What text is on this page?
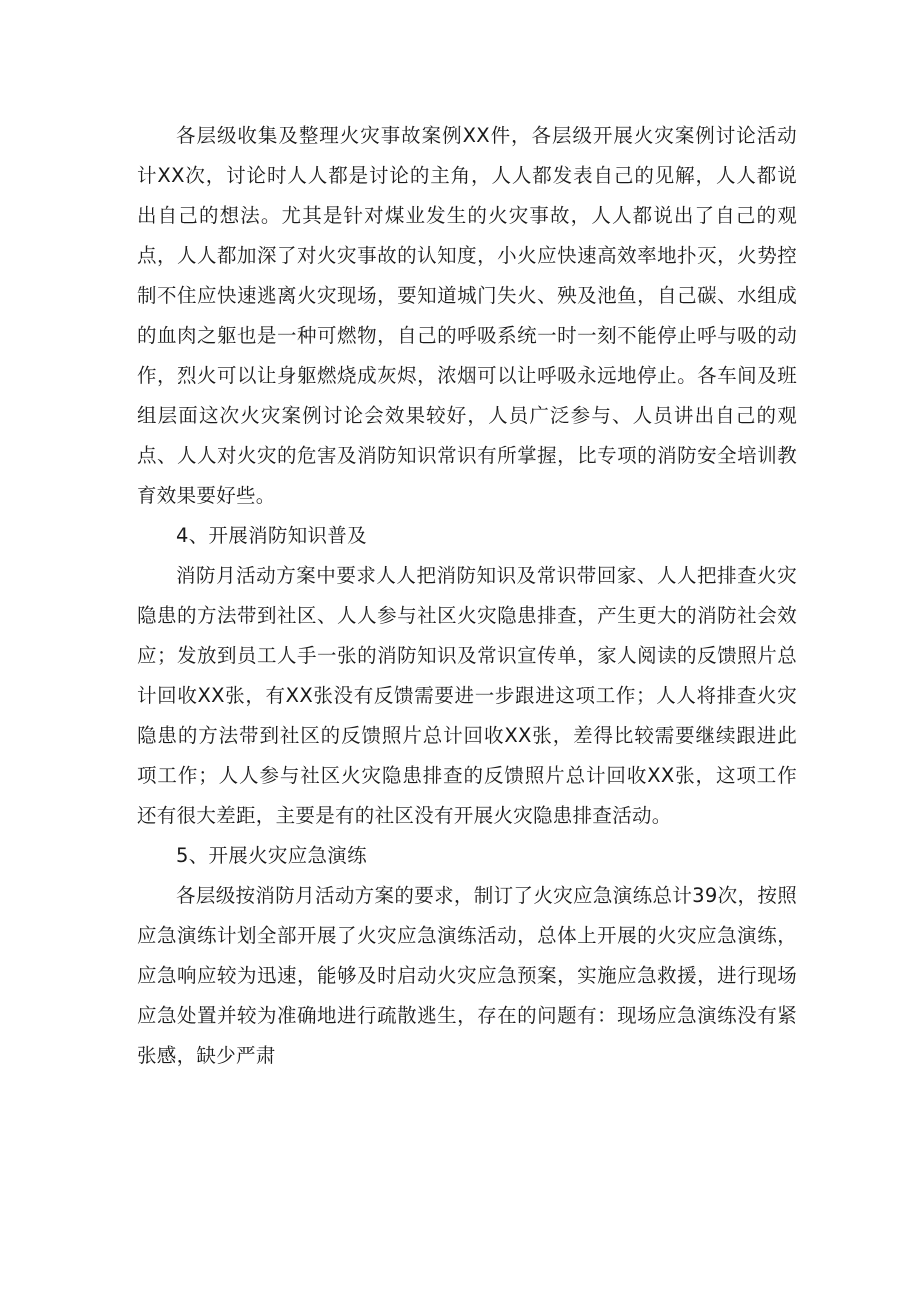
各层级收集及整理火灾事故案例XX件，各层级开展火灾案例讨论活动计XX次，讨论时人人都是讨论的主角，人人都发表自己的见解，人人都说出自己的想法。尤其是针对煤业发生的火灾事故，人人都说出了自己的观点，人人都加深了对火灾事故的认知度，小火应快速高效率地扑灭，火势控制不住应快速逃离火灾现场，要知道城门失火、殃及池鱼，自己碳、水组成的血肉之躯也是一种可燃物，自己的呼吸系统一时一刻不能停止呼与吸的动作，烈火可以让身躯燃烧成灰烬，浓烟可以让呼吸永远地停止。各车间及班组层面这次火灾案例讨论会效果较好，人员广泛参与、人员讲出自己的观点、人人对火灾的危害及消防知识常识有所掌握，比专项的消防安全培训教育效果要好些。

4、开展消防知识普及

消防月活动方案中要求人人把消防知识及常识带回家、人人把排查火灾隐患的方法带到社区、人人参与社区火灾隐患排查，产生更大的消防社会效应；发放到员工人手一张的消防知识及常识宣传单，家人阅读的反馈照片总计回收XX张，有XX张没有反馈需要进一步跟进这项工作；人人将排查火灾隐患的方法带到社区的反馈照片总计回收XX张，差得比较需要继续跟进此项工作；人人参与社区火灾隐患排查的反馈照片总计回收XX张，这项工作还有很大差距，主要是有的社区没有开展火灾隐患排查活动。

5、开展火灾应急演练

各层级按消防月活动方案的要求，制订了火灾应急演练总计39次，按照应急演练计划全部开展了火灾应急演练活动，总体上开展的火灾应急演练，应急响应较为迅速，能够及时启动火灾应急预案，实施应急救援，进行现场应急处置并较为准确地进行疏散逃生，存在的问题有：现场应急演练没有紧张感，缺少严肃
